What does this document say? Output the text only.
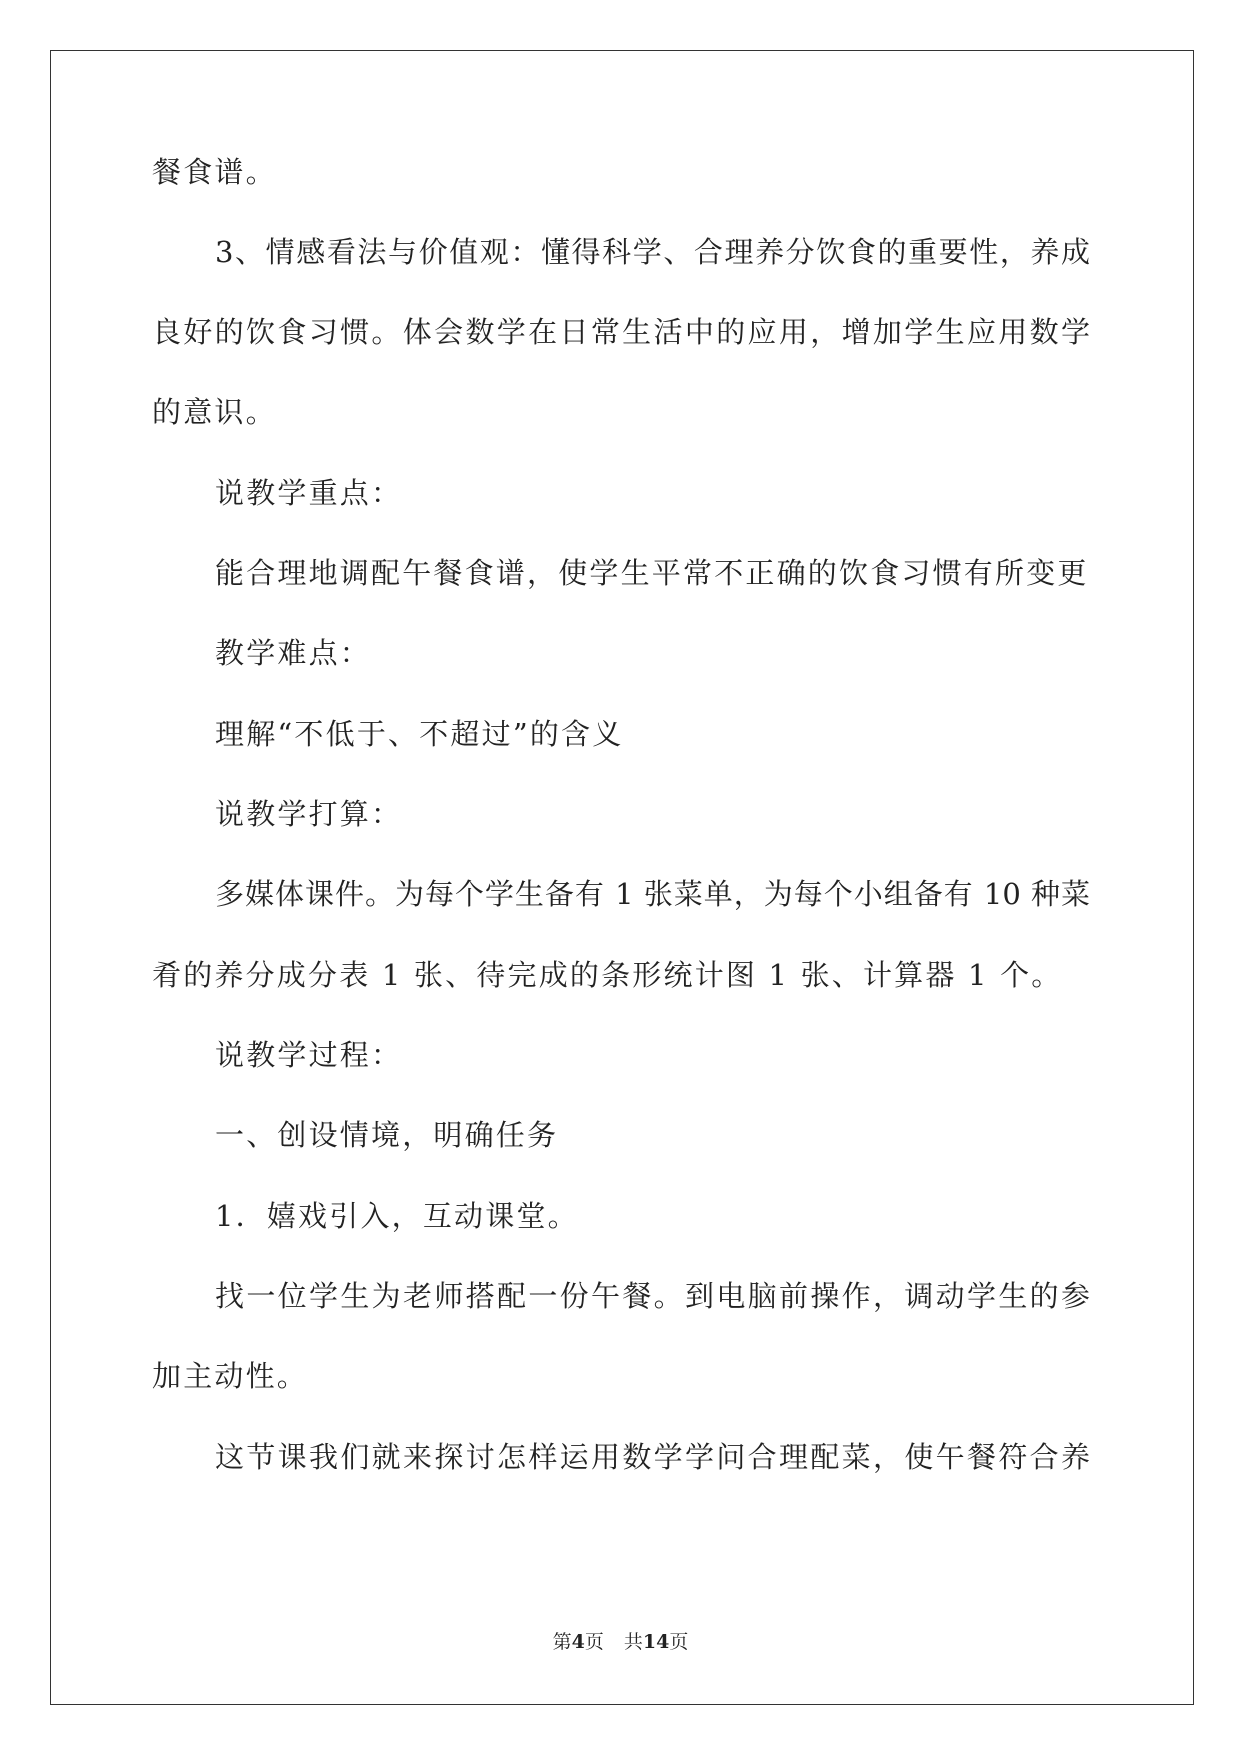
餐食谱。
3、情感看法与价值观：懂得科学、合理养分饮食的重要性，养成
良好的饮食习惯。体会数学在日常生活中的应用，增加学生应用数学
的意识。
说教学重点：
能合理地调配午餐食谱，使学生平常不正确的饮食习惯有所变更
教学难点：
理解“不低于、不超过”的含义
说教学打算：
多媒体课件。为每个学生备有 1 张菜单，为每个小组备有 10 种菜
肴的养分成分表 1 张、待完成的条形统计图 1 张、计算器 1 个。
说教学过程：
一、创设情境，明确任务
1．嬉戏引入，互动课堂。
找一位学生为老师搭配一份午餐。到电脑前操作，调动学生的参
加主动性。
这节课我们就来探讨怎样运用数学学问合理配菜，使午餐符合养
第4页 共14页
